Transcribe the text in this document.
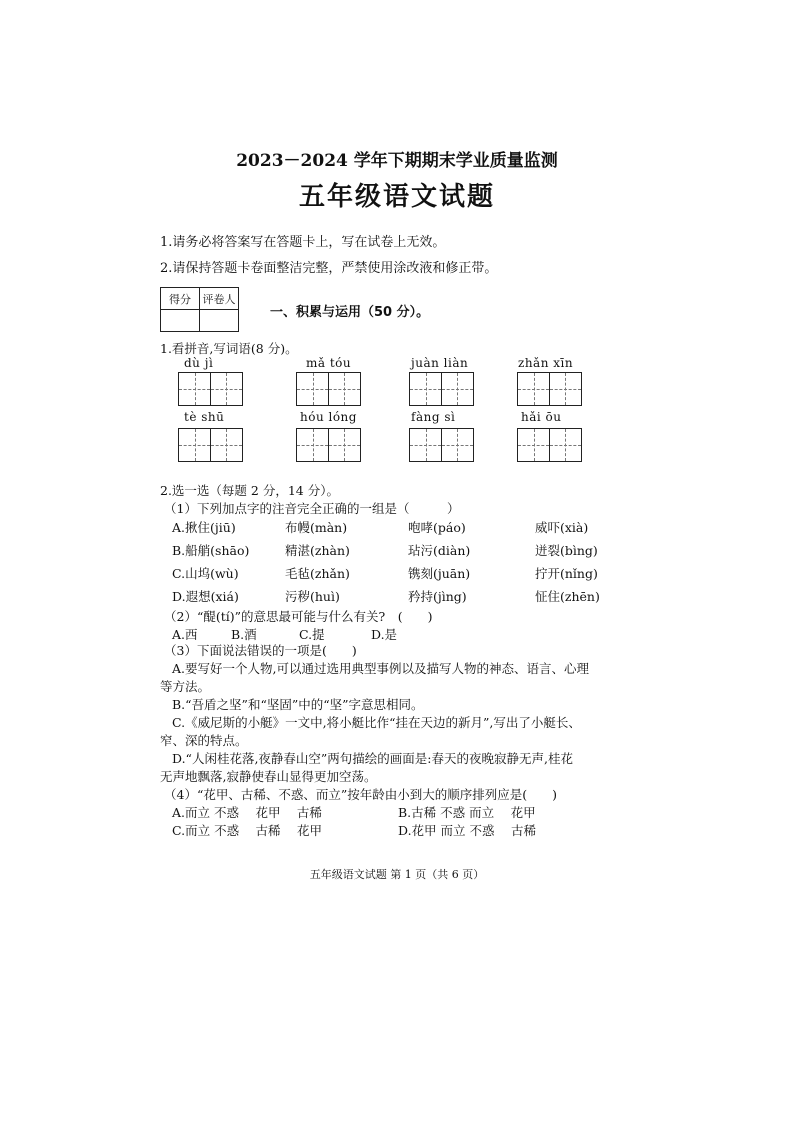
2023－2024 学年下期期末学业质量监测
五年级语文试题
1.请务必将答案写在答题卡上，写在试卷上无效。
2.请保持答题卡卷面整洁完整，严禁使用涂改液和修正带。
得分	评卷人

一、积累与运用（50 分）。
1.看拼音,写词语(8 分)。
dù jì	mǎ tóu	juàn liàn	zhǎn xīn
tè shū	hóu lóng	fàng sì	hǎi ōu
2.选一选（每题 2 分，14 分）。
（1）下列加点字的注音完全正确的一组是（　　　）
A.揪住(jiū)	布幔(màn)	咆哮(páo)	威吓(xià)
B.船艄(shāo)	精湛(zhàn)	玷污(diàn)	迸裂(bìng)
C.山坞(wù)	毛毡(zhǎn)	镌刻(juān)	拧开(nǐng)
D.遐想(xiá)	污秽(huì)	矜持(jìng)	怔住(zhēn)
（2）“醍(tí)”的意思最可能与什么有关?　(　　)
A.西	B.酒	C.提	D.是
（3）下面说法错误的一项是(　　)
A.要写好一个人物,可以通过选用典型事例以及描写人物的神态、语言、心理
等方法。
B.“吾盾之坚”和“坚固”中的“坚”字意思相同。
C.《威尼斯的小艇》一文中,将小艇比作“挂在天边的新月”,写出了小艇长、
窄、深的特点。
D.“人闲桂花落,夜静春山空”两句描绘的画面是:春天的夜晚寂静无声,桂花
无声地飘落,寂静使春山显得更加空荡。
（4）“花甲、古稀、不惑、而立”按年龄由小到大的顺序排列应是(　　)
A.而立 不惑　 花甲　 古稀	B.古稀 不惑 而立　 花甲
C.而立 不惑　 古稀　 花甲	D.花甲 而立 不惑　 古稀
五年级语文试题 第 1 页（共 6 页）
